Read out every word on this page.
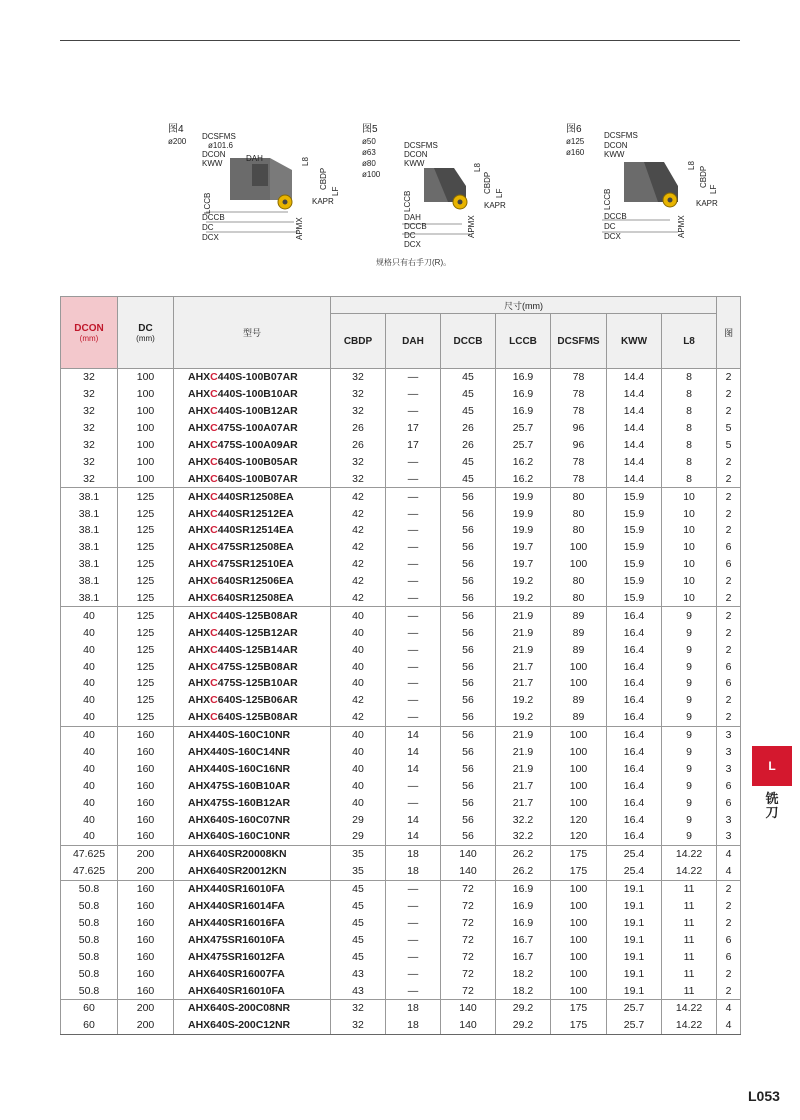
DCSFMS
ø101.6
DCON
KWW
DAH	L8
CBDP
LF
LCCB	KAPR
DCCB	APMX
DC
DCX
图4
ø200	DCSFMS
DCON
KWW	L8
CBDP LF
LCCB	KAPR
DAH
DCCB	APMX
DC
DCX
图5
ø50
ø63
ø80
ø100
DCSFMS
DCON
KWW
L8
CBDP
LF
LCCB	KAPR
DCCB	APMX
DC
DCX
图6
ø125
ø160
规格只有右手刀(R)。
DCON
(mm)	DC
(mm)	型号	尺寸(mm)							图
			CBDP	DAH	DCCB	LCCB	DCSFMS	KWW	L8	
32	100	AHXC440S-100B07AR	32	—	45	16.9	78	14.4	8	2
32	100	AHXC440S-100B10AR	32	—	45	16.9	78	14.4	8	2
32	100	AHXC440S-100B12AR	32	—	45	16.9	78	14.4	8	2
32	100	AHXC475S-100A07AR	26	17	26	25.7	96	14.4	8	5
32	100	AHXC475S-100A09AR	26	17	26	25.7	96	14.4	8	5
32	100	AHXC640S-100B05AR	32	—	45	16.2	78	14.4	8	2
32	100	AHXC640S-100B07AR	32	—	45	16.2	78	14.4	8	2
38.1	125	AHXC440SR12508EA	42	—	56	19.9	80	15.9	10	2
38.1	125	AHXC440SR12512EA	42	—	56	19.9	80	15.9	10	2
38.1	125	AHXC440SR12514EA	42	—	56	19.9	80	15.9	10	2
38.1	125	AHXC475SR12508EA	42	—	56	19.7	100	15.9	10	6
38.1	125	AHXC475SR12510EA	42	—	56	19.7	100	15.9	10	6
38.1	125	AHXC640SR12506EA	42	—	56	19.2	80	15.9	10	2
38.1	125	AHXC640SR12508EA	42	—	56	19.2	80	15.9	10	2
40	125	AHXC440S-125B08AR	40	—	56	21.9	89	16.4	9	2
40	125	AHXC440S-125B12AR	40	—	56	21.9	89	16.4	9	2
40	125	AHXC440S-125B14AR	40	—	56	21.9	89	16.4	9	2
40	125	AHXC475S-125B08AR	40	—	56	21.7	100	16.4	9	6
40	125	AHXC475S-125B10AR	40	—	56	21.7	100	16.4	9	6
40	125	AHXC640S-125B06AR	42	—	56	19.2	89	16.4	9	2
40	125	AHXC640S-125B08AR	42	—	56	19.2	89	16.4	9	2
40	160	AHX440S-160C10NR	40	14	56	21.9	100	16.4	9	3
40	160	AHX440S-160C14NR	40	14	56	21.9	100	16.4	9	3
40	160	AHX440S-160C16NR	40	14	56	21.9	100	16.4	9	3
40	160	AHX475S-160B10AR	40	—	56	21.7	100	16.4	9	6
40	160	AHX475S-160B12AR	40	—	56	21.7	100	16.4	9	6
40	160	AHX640S-160C07NR	29	14	56	32.2	120	16.4	9	3
40	160	AHX640S-160C10NR	29	14	56	32.2	120	16.4	9	3
47.625	200	AHX640SR20008KN	35	18	140	26.2	175	25.4	14.22	4
47.625	200	AHX640SR20012KN	35	18	140	26.2	175	25.4	14.22	4
50.8	160	AHX440SR16010FA	45	—	72	16.9	100	19.1	11	2
50.8	160	AHX440SR16014FA	45	—	72	16.9	100	19.1	11	2
50.8	160	AHX440SR16016FA	45	—	72	16.9	100	19.1	11	2
50.8	160	AHX475SR16010FA	45	—	72	16.7	100	19.1	11	6
50.8	160	AHX475SR16012FA	45	—	72	16.7	100	19.1	11	6
50.8	160	AHX640SR16007FA	43	—	72	18.2	100	19.1	11	2
50.8	160	AHX640SR16010FA	43	—	72	18.2	100	19.1	11	2
60	200	AHX640S-200C08NR	32	18	140	29.2	175	25.7	14.22	4
60	200	AHX640S-200C12NR	32	18	140	29.2	175	25.7	14.22	4
L
铣刀
L053
